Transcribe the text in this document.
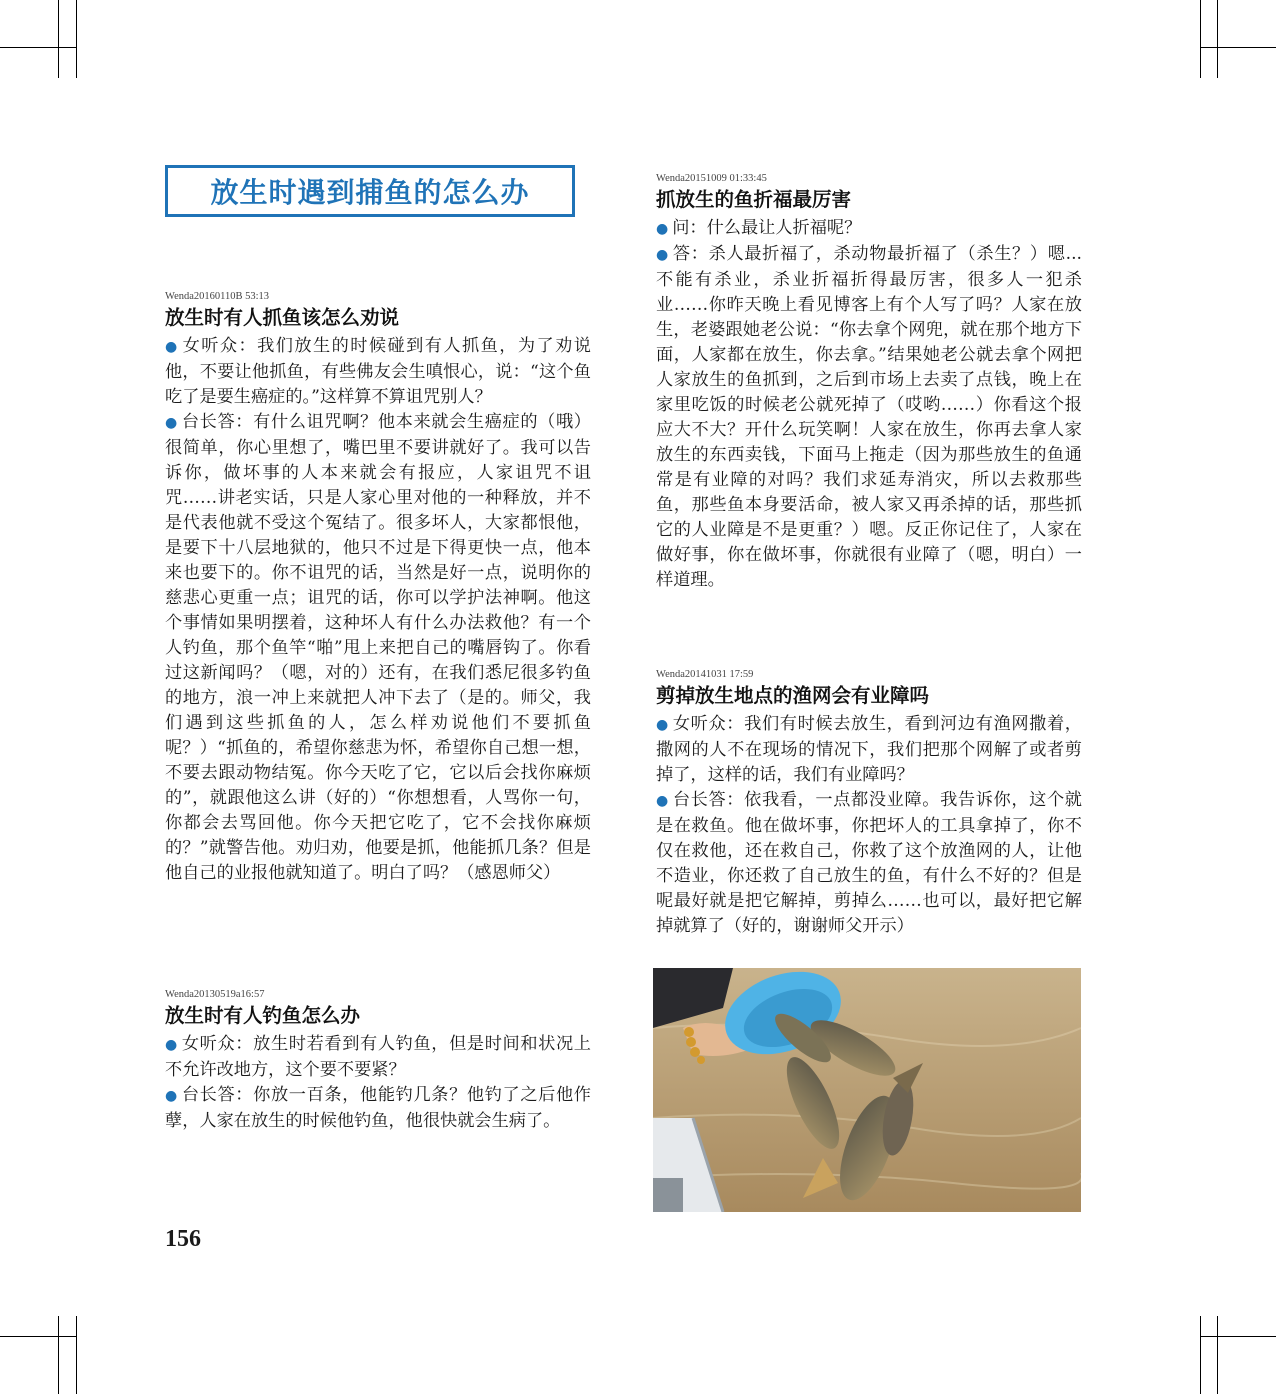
放生时遇到捕鱼的怎么办
Wenda20160110B 53:13
放生时有人抓鱼该怎么劝说

● 女听众：我们放生的时候碰到有人抓鱼，为了劝说他，不要让他抓鱼，有些佛友会生嗔恨心，说：“这个鱼吃了是要生癌症的。”这样算不算诅咒别人？

● 台长答：有什么诅咒啊？他本来就会生癌症的（哦）很简单，你心里想了，嘴巴里不要讲就好了。我可以告诉你，做坏事的人本来就会有报应，人家诅咒不诅咒……讲老实话，只是人家心里对他的一种释放，并不是代表他就不受这个冤结了。很多坏人，大家都恨他，是要下十八层地狱的，他只不过是下得更快一点，他本来也要下的。你不诅咒的话，当然是好一点，说明你的慈悲心更重一点；诅咒的话，你可以学护法神啊。他这个事情如果明摆着，这种坏人有什么办法救他？有一个人钓鱼，那个鱼竿“啪”甩上来把自己的嘴唇钩了。你看过这新闻吗？（嗯，对的）还有，在我们悉尼很多钓鱼的地方，浪一冲上来就把人冲下去了（是的。师父，我们遇到这些抓鱼的人，怎么样劝说他们不要抓鱼呢？）“抓鱼的，希望你慈悲为怀，希望你自己想一想，不要去跟动物结冤。你今天吃了它，它以后会找你麻烦的”，就跟他这么讲（好的）“你想想看，人骂你一句，你都会去骂回他。你今天把它吃了，它不会找你麻烦的？”就警告他。劝归劝，他要是抓，他能抓几条？但是他自己的业报他就知道了。明白了吗？（感恩师父）

Wenda20130519a16:57
放生时有人钓鱼怎么办

● 女听众：放生时若看到有人钓鱼，但是时间和状况上不允许改地方，这个要不要紧？

● 台长答：你放一百条，他能钓几条？他钓了之后他作孽，人家在放生的时候他钓鱼，他很快就会生病了。

Wenda20151009 01:33:45
抓放生的鱼折福最厉害

● 问：什么最让人折福呢？

● 答：杀人最折福了，杀动物最折福了（杀生？）嗯...不能有杀业，杀业折福折得最厉害，很多人一犯杀业……你昨天晚上看见博客上有个人写了吗？人家在放生，老婆跟她老公说：“你去拿个网兜，就在那个地方下面，人家都在放生，你去拿。”结果她老公就去拿个网把人家放生的鱼抓到，之后到市场上去卖了点钱，晚上在家里吃饭的时候老公就死掉了（哎哟……）你看这个报应大不大？开什么玩笑啊！人家在放生，你再去拿人家放生的东西卖钱，下面马上拖走（因为那些放生的鱼通常是有业障的对吗？我们求延寿消灾，所以去救那些鱼，那些鱼本身要活命，被人家又再杀掉的话，那些抓它的人业障是不是更重？）嗯。反正你记住了，人家在做好事，你在做坏事，你就很有业障了（嗯，明白）一样道理。

Wenda20141031 17:59
剪掉放生地点的渔网会有业障吗

● 女听众：我们有时候去放生，看到河边有渔网撒着，撒网的人不在现场的情况下，我们把那个网解了或者剪掉了，这样的话，我们有业障吗？

● 台长答：依我看，一点都没业障。我告诉你，这个就是在救鱼。他在做坏事，你把坏人的工具拿掉了，你不仅在救他，还在救自己，你救了这个放渔网的人，让他不造业，你还救了自己放生的鱼，有什么不好的？但是呢最好就是把它解掉，剪掉么……也可以，最好把它解掉就算了（好的，谢谢师父开示）

156
